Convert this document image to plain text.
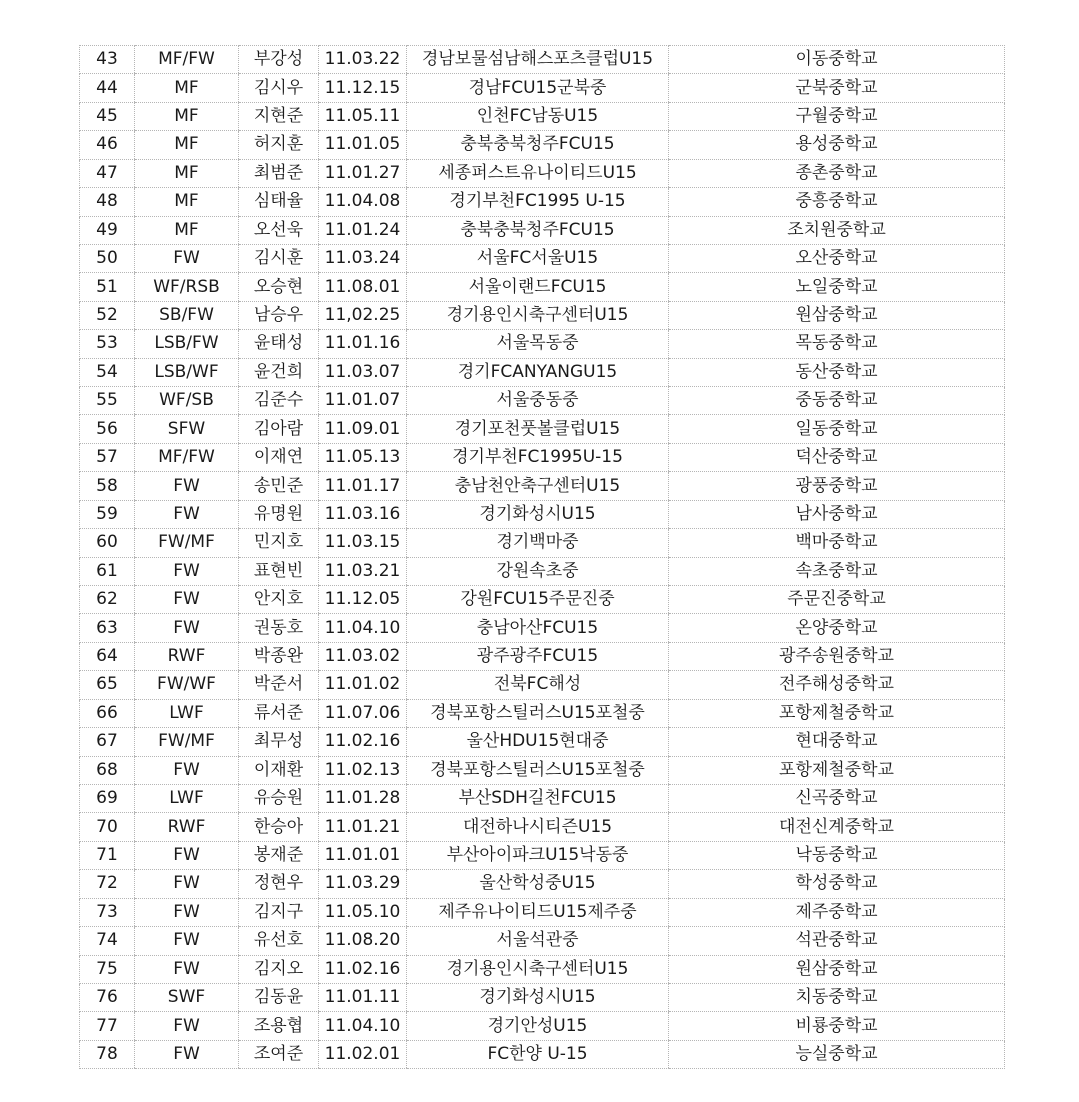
43	MF/FW	부강성	11.03.22	경남보물섬남해스포츠클럽U15	이동중학교
44	MF	김시우	11.12.15	경남FCU15군북중	군북중학교
45	MF	지현준	11.05.11	인천FC남동U15	구월중학교
46	MF	허지훈	11.01.05	충북충북청주FCU15	용성중학교
47	MF	최범준	11.01.27	세종퍼스트유나이티드U15	종촌중학교
48	MF	심태율	11.04.08	경기부천FC1995 U-15	중흥중학교
49	MF	오선욱	11.01.24	충북충북청주FCU15	조치원중학교
50	FW	김시훈	11.03.24	서울FC서울U15	오산중학교
51	WF/RSB	오승현	11.08.01	서울이랜드FCU15	노일중학교
52	SB/FW	남승우	11,02.25	경기용인시축구센터U15	원삼중학교
53	LSB/FW	윤태성	11.01.16	서울목동중	목동중학교
54	LSB/WF	윤건희	11.03.07	경기FCANYANGU15	동산중학교
55	WF/SB	김준수	11.01.07	서울중동중	중동중학교
56	SFW	김아람	11.09.01	경기포천풋볼클럽U15	일동중학교
57	MF/FW	이재연	11.05.13	경기부천FC1995U-15	덕산중학교
58	FW	송민준	11.01.17	충남천안축구센터U15	광풍중학교
59	FW	유명원	11.03.16	경기화성시U15	남사중학교
60	FW/MF	민지호	11.03.15	경기백마중	백마중학교
61	FW	표현빈	11.03.21	강원속초중	속초중학교
62	FW	안지호	11.12.05	강원FCU15주문진중	주문진중학교
63	FW	권동호	11.04.10	충남아산FCU15	온양중학교
64	RWF	박종완	11.03.02	광주광주FCU15	광주송원중학교
65	FW/WF	박준서	11.01.02	전북FC해성	전주해성중학교
66	LWF	류서준	11.07.06	경북포항스틸러스U15포철중	포항제철중학교
67	FW/MF	최무성	11.02.16	울산HDU15현대중	현대중학교
68	FW	이재환	11.02.13	경북포항스틸러스U15포철중	포항제철중학교
69	LWF	유승원	11.01.28	부산SDH길천FCU15	신곡중학교
70	RWF	한승아	11.01.21	대전하나시티즌U15	대전신계중학교
71	FW	봉재준	11.01.01	부산아이파크U15낙동중	낙동중학교
72	FW	정현우	11.03.29	울산학성중U15	학성중학교
73	FW	김지구	11.05.10	제주유나이티드U15제주중	제주중학교
74	FW	유선호	11.08.20	서울석관중	석관중학교
75	FW	김지오	11.02.16	경기용인시축구센터U15	원삼중학교
76	SWF	김동윤	11.01.11	경기화성시U15	치동중학교
77	FW	조용협	11.04.10	경기안성U15	비룡중학교
78	FW	조여준	11.02.01	FC한양 U-15	능실중학교
